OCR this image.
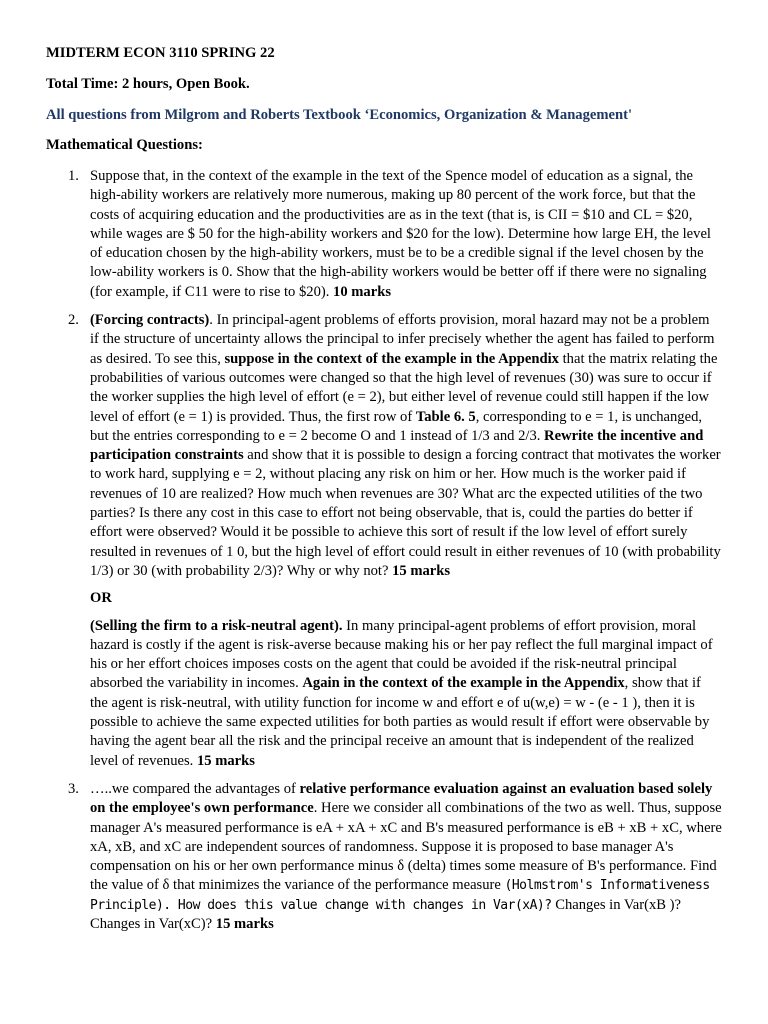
MIDTERM ECON 3110 SPRING 22

Total Time: 2 hours, Open Book.

All questions from Milgrom and Roberts Textbook ‘Economics, Organization & Management'

Mathematical Questions:

1. Suppose that, in the context of the example in the text of the Spence model of education as a signal, the high-ability workers are relatively more numerous, making up 80 percent of the work force, but that the costs of acquiring education and the productivities are as in the text (that is, is CII = $10 and CL = $20, while wages are $ 50 for the high-ability workers and $20 for the low). Determine how large EH, the level of education chosen by the high-ability workers, must be to be a credible signal if the level chosen by the low-ability workers is 0. Show that the high-ability workers would be better off if there were no signaling (for example, if C11 were to rise to $20). 10 marks

2. (Forcing contracts). In principal-agent problems of efforts provision, moral hazard may not be a problem if the structure of uncertainty allows the principal to infer precisely whether the agent has failed to perform as desired. To see this, suppose in the context of the example in the Appendix that the matrix relating the probabilities of various outcomes were changed so that the high level of revenues (30) was sure to occur if the worker supplies the high level of effort (e = 2), but either level of revenue could still happen if the low level of effort (e = 1) is provided. Thus, the first row of Table 6. 5, corresponding to e = 1, is unchanged, but the entries corresponding to e = 2 become O and 1 instead of 1/3 and 2/3. Rewrite the incentive and participation constraints and show that it is possible to design a forcing contract that motivates the worker to work hard, supplying e = 2, without placing any risk on him or her. How much is the worker paid if revenues of 10 are realized? How much when revenues are 30? What arc the expected utilities of the two parties? Is there any cost in this case to effort not being observable, that is, could the parties do better if effort were observed? Would it be possible to achieve this sort of result if the low level of effort surely resulted in revenues of 1 0, but the high level of effort could result in either revenues of 10 (with probability 1/3) or 30 (with probability 2/3)? Why or why not? 15 marks

OR

(Selling the firm to a risk-neutral agent). In many principal-agent problems of effort provision, moral hazard is costly if the agent is risk-averse because making his or her pay reflect the full marginal impact of his or her effort choices imposes costs on the agent that could be avoided if the risk-neutral principal absorbed the variability in incomes. Again in the context of the example in the Appendix, show that if the agent is risk-neutral, with utility function for income w and effort e of u(w,e) = w - (e - 1 ), then it is possible to achieve the same expected utilities for both parties as would result if effort were observable by having the agent bear all the risk and the principal receive an amount that is independent of the realized level of revenues. 15 marks

3. …..we compared the advantages of relative performance evaluation against an evaluation based solely on the employee's own performance. Here we consider all combinations of the two as well. Thus, suppose manager A's measured performance is eA + xA + xC and B's measured performance is eB + xB + xC, where xA, xB, and xC are independent sources of randomness. Suppose it is proposed to base manager A's compensation on his or her own performance minus δ (delta) times some measure of B's performance. Find the value of δ that minimizes the variance of the performance measure (Holmstrom's Informativeness Principle). How does this value change with changes in Var(xA)? Changes in Var(xB )? Changes in Var(xC)? 15 marks
